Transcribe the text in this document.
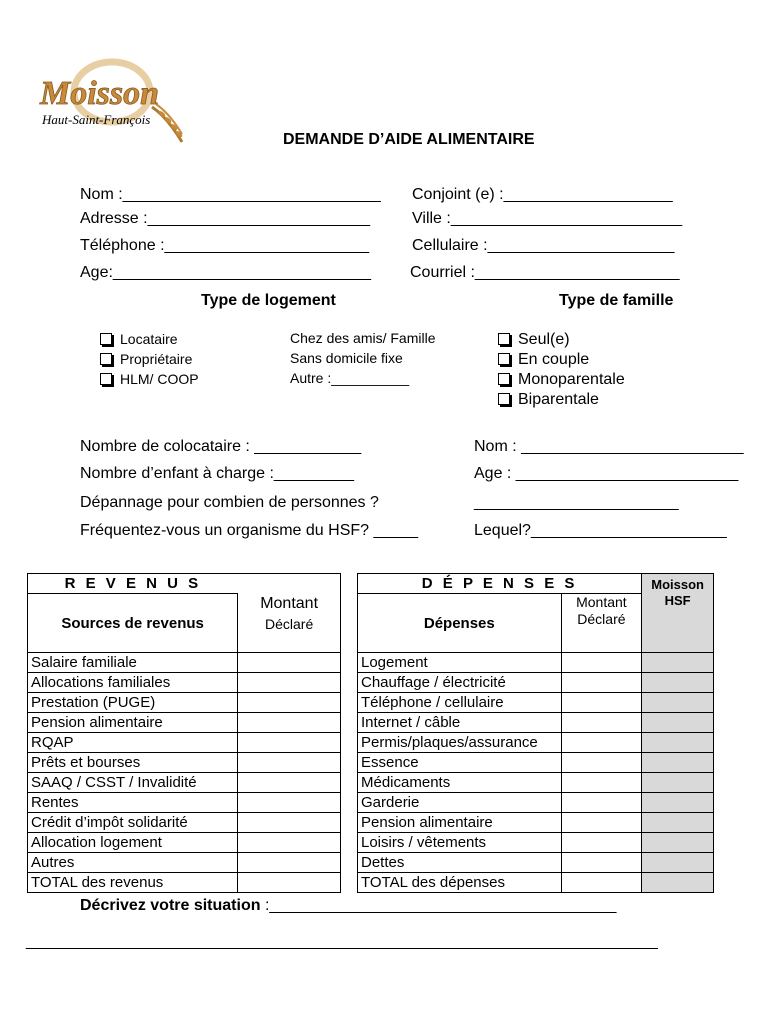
Moisson
Haut-Saint-François
DEMANDE D’AIDE ALIMENTAIRE
Nom :_____________________________
Adresse :_________________________
Téléphone :_______________________
Age:_____________________________
Conjoint (e) :___________________
Ville :__________________________
Cellulaire :_____________________
Courriel :_______________________
Type de logement	Type de famille
Locataire
Propriétaire
HLM/ COOP
Chez des amis/ Famille
Sans domicile fixe
Autre :__________
Seul(e)
En couple
Monoparentale
Biparentale
Nombre de colocataire : ____________
Nombre d’enfant à charge :_________
Dépannage pour combien de personnes ?
Fréquentez-vous un organisme du HSF? _____
Nom : _________________________
Age : _________________________
_______________________
Lequel?______________________
R E V E N U S	
Sources de revenus	Montant
Déclaré

Salaire familiale	
Allocations familiales	
Prestation (PUGE)	
Pension alimentaire	
RQAP	
Prêts et bourses	
SAAQ / CSST / Invalidité	
Rentes	
Crédit d’impôt solidarité	
Allocation logement	
Autres	
TOTAL des revenus	
D É P E N S E S		Moisson
HSF

Dépenses	Montant
Déclaré	

Logement		
Chauffage / électricité		
Téléphone / cellulaire		
Internet / câble		
Permis/plaques/assurance		
Essence		
Médicaments		
Garderie		
Pension alimentaire		
Loisirs / vêtements		
Dettes		
TOTAL des dépenses		
Décrivez votre situation :_______________________________________
_______________________________________________________________________
